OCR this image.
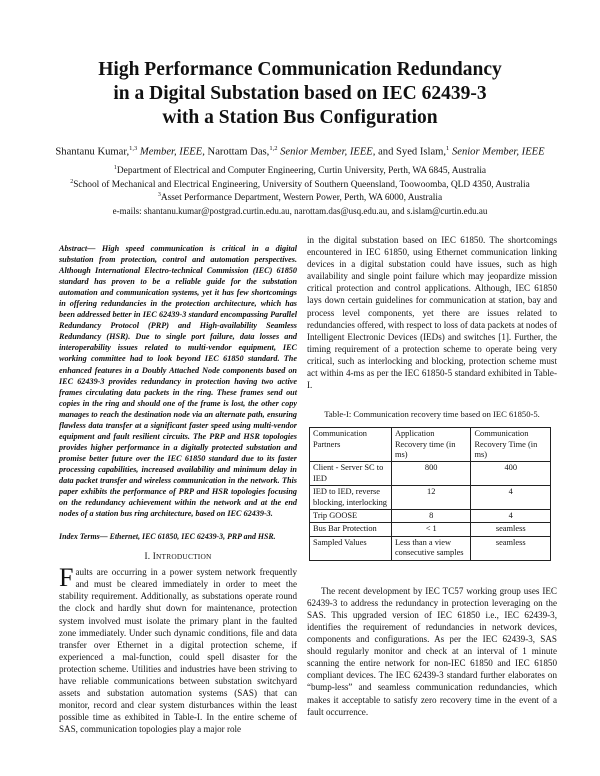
High Performance Communication Redundancy
in a Digital Substation based on IEC 62439-3
with a Station Bus Configuration
Shantanu Kumar,$^{1,3}$ Member, IEEE, Narottam Das,$^{1,2}$ Senior Member, IEEE, and Syed Islam,$^1$ Senior Member, IEEE
$^1$Department of Electrical and Computer Engineering, Curtin University, Perth, WA 6845, Australia
$^2$School of Mechanical and Electrical Engineering, University of Southern Queensland, Toowoomba, QLD 4350, Australia
$^3$Asset Performance Department, Western Power, Perth, WA 6000, Australia
e-mails: shantanu.kumar@postgrad.curtin.edu.au, narottam.das@usq.edu.au, and s.islam@curtin.edu.au

Abstract— High speed communication is critical in a digital substation from protection, control and automation perspectives. Although International Electro-technical Commission (IEC) 61850 standard has proven to be a reliable guide for the substation automation and communication systems, yet it has few shortcomings in offering redundancies in the protection architecture, which has been addressed better in IEC 62439-3 standard encompassing Parallel Redundancy Protocol (PRP) and High-availability Seamless Redundancy (HSR). Due to single port failure, data losses and interoperability issues related to multi-vendor equipment, IEC working committee had to look beyond IEC 61850 standard. The enhanced features in a Doubly Attached Node components based on IEC 62439-3 provides redundancy in protection having two active frames circulating data packets in the ring. These frames send out copies in the ring and should one of the frame is lost, the other copy manages to reach the destination node via an alternate path, ensuring flawless data transfer at a significant faster speed using multi-vendor equipment and fault resilient circuits. The PRP and HSR topologies provides higher performance in a digitally protected substation and promise better future over the IEC 61850 standard due to its faster processing capabilities, increased availability and minimum delay in data packet transfer and wireless communication in the network. This paper exhibits the performance of PRP and HSR topologies focusing on the redundancy achievement within the network and at the end nodes of a station bus ring architecture, based on IEC 62439-3.

Index Terms— Ethernet, IEC 61850, IEC 62439-3, PRP and HSR.
I. INTRODUCTION

Faults are occurring in a power system network frequently and must be cleared immediately in order to meet the stability requirement. Additionally, as substations operate round the clock and hardly shut down for maintenance, protection system involved must isolate the primary plant in the faulted zone immediately. Under such dynamic conditions, file and data transfer over Ethernet in a digital protection scheme, if experienced a mal-function, could spell disaster for the protection scheme. Utilities and industries have been striving to have reliable communications between substation switchyard assets and substation automation systems (SAS) that can monitor, record and clear system disturbances within the least possible time as exhibited in Table-I. In the entire scheme of SAS, communication topologies play a major role

in the digital substation based on IEC 61850. The shortcomings encountered in IEC 61850, using Ethernet communication linking devices in a digital substation could have issues, such as high availability and single point failure which may jeopardize mission critical protection and control applications. Although, IEC 61850 lays down certain guidelines for communication at station, bay and process level components, yet there are issues related to redundancies offered, with respect to loss of data packets at nodes of Intelligent Electronic Devices (IEDs) and switches [1]. Further, the timing requirement of a protection scheme to operate being very critical, such as interlocking and blocking, protection scheme must act within 4-ms as per the IEC 61850-5 standard exhibited in Table-I.

Table-I: Communication recovery time based on IEC 61850-5.
Communication Partners	Application Recovery time (in ms)	Communication Recovery Time (in ms)
Client - Server SC to IED	800	400
IED to IED, reverse blocking, interlocking	12	4
Trip GOOSE	8	4
Bus Bar Protection	< 1	seamless
Sampled Values	Less than a view consecutive samples	seamless

The recent development by IEC TC57 working group uses IEC 62439-3 to address the redundancy in protection leveraging on the SAS. This upgraded version of IEC 61850 i.e., IEC 62439-3, identifies the requirement of redundancies in network devices, components and configurations. As per the IEC 62439-3, SAS should regularly monitor and check at an interval of 1 minute scanning the entire network for non-IEC 61850 and IEC 61850 compliant devices. The IEC 62439-3 standard further elaborates on “bump-less” and seamless communication redundancies, which makes it acceptable to satisfy zero recovery time in the event of a fault occurrence.
